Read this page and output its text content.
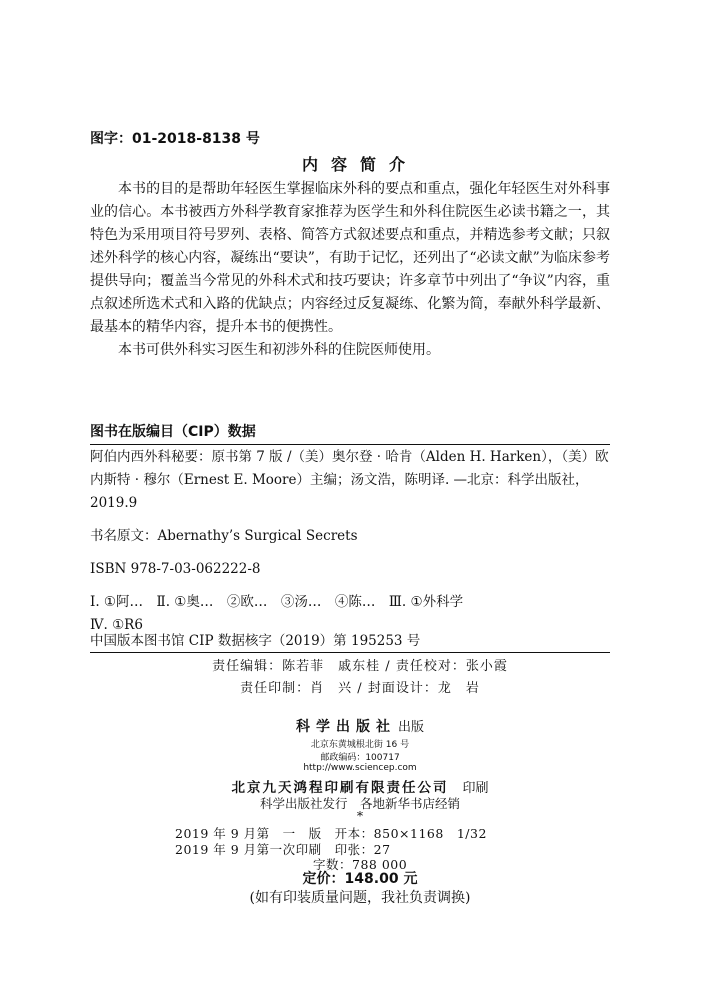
图字：01-2018-8138 号
内容简介

本书的目的是帮助年轻医生掌握临床外科的要点和重点，强化年轻医生对外科事业的信心。本书被西方外科学教育家推荐为医学生和外科住院医生必读书籍之一，其特色为采用项目符号罗列、表格、简答方式叙述要点和重点，并精选参考文献；只叙述外科学的核心内容，凝练出“要诀”，有助于记忆，还列出了“必读文献”为临床参考提供导向；覆盖当今常见的外科术式和技巧要诀；许多章节中列出了“争议”内容，重点叙述所选术式和入路的优缺点；内容经过反复凝练、化繁为简，奉献外科学最新、最基本的精华内容，提升本书的便携性。

本书可供外科实习医生和初涉外科的住院医师使用。

图书在版编目（CIP）数据
阿伯内西外科秘要：原书第 7 版 /（美）奥尔登 · 哈肯（Alden H. Harken），（美）欧内斯特 · 穆尔（Ernest E. Moore）主编；汤文浩，陈明译. —北京：科学出版社，2019.9
书名原文：Abernathy’s Surgical Secrets
ISBN 978-7-03-062222-8
Ⅰ. ①阿…　Ⅱ. ①奥…　②欧…　③汤…　④陈…　Ⅲ. ①外科学
Ⅳ. ①R6
中国版本图书馆 CIP 数据核字（2019）第 195253 号
责任编辑：陈若菲　戚东桂 / 责任校对：张小霞
责任印制：肖　兴 / 封面设计：龙　岩
科学出版社 出版
北京东黄城根北街 16 号
邮政编码：100717
http://www.sciencep.com
北京九天鸿程印刷有限责任公司 印刷
科学出版社发行　各地新华书店经销
*
2019 年 9 月第　一　版　开本：850×1168　1/32
2019 年 9 月第一次印刷　印张：27
字数：788 000
定价：148.00 元
(如有印装质量问题，我社负责调换)
